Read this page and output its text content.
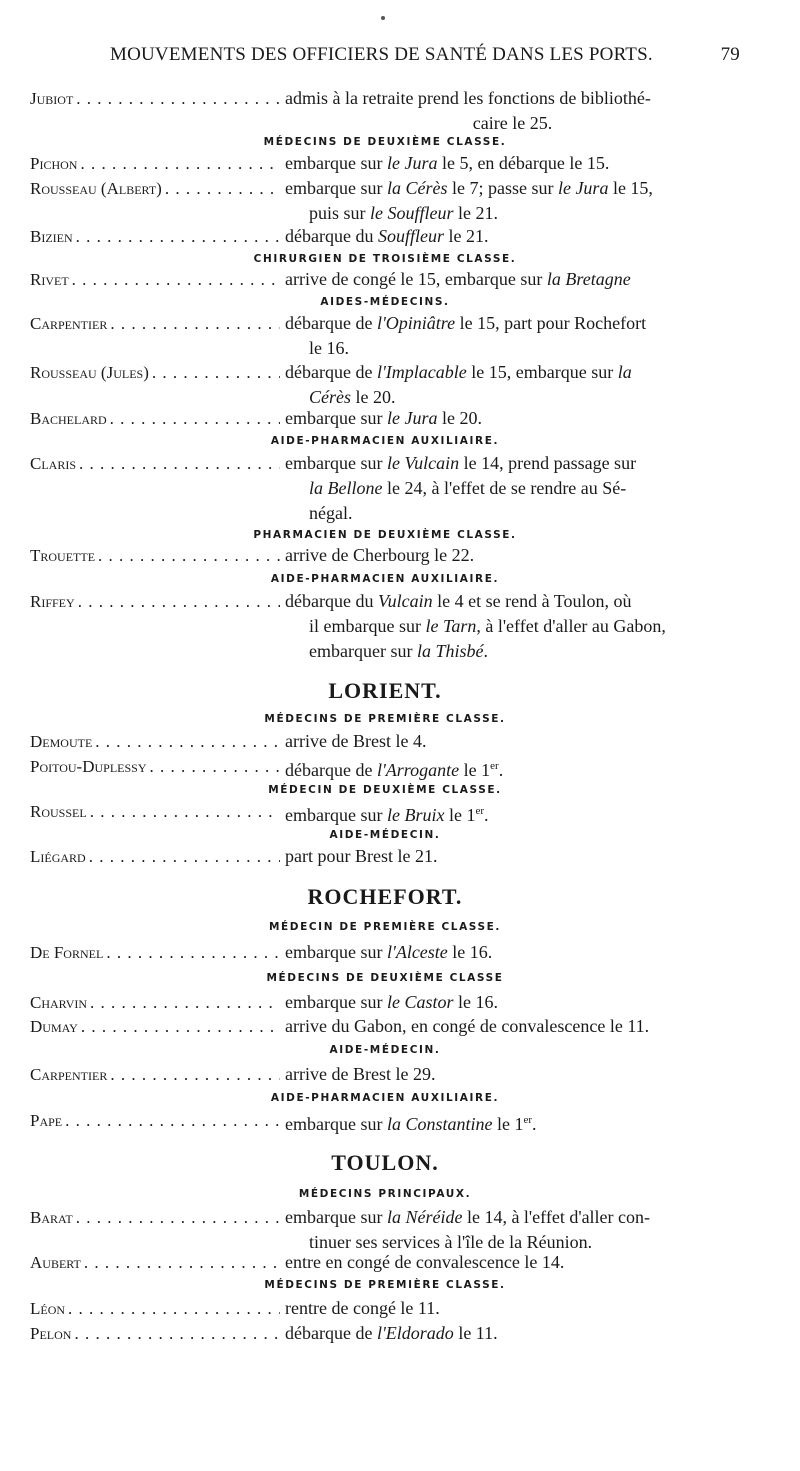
MOUVEMENTS DES OFFICIERS DE SANTÉ DANS LES PORTS.	79
Jubiot . . .	admis à la retraite prend les fonctions de bibliothé-
caire le 25.
MÉDECINS DE DEUXIÈME CLASSE.
Pichon . . .	embarque sur le Jura le 5, en débarque le 15.
Rousseau (Albert) . . .	embarque sur la Cérès le 7; passe sur le Jura le 15,
puis sur le Souffleur le 21.
Bizien . . .	débarque du Souffleur le 21.
CHIRURGIEN DE TROISIÈME CLASSE.
Rivet . . .	arrive de congé le 15, embarque sur la Bretagne
AIDES-MÉDECINS.
Carpentier . . .	débarque de l'Opiniâtre le 15, part pour Rochefort
le 16.
Rousseau (Jules) . . .	débarque de l'Implacable le 15, embarque sur la
Cérès le 20.
Bachelard . . .	embarque sur le Jura le 20.
AIDE-PHARMACIEN AUXILIAIRE.
Claris . . .	embarque sur le Vulcain le 14, prend passage sur
la Bellone le 24, à l'effet de se rendre au Sé-
négal.
PHARMACIEN DE DEUXIÈME CLASSE.
Trouette . . .	arrive de Cherbourg le 22.
AIDE-PHARMACIEN AUXILIAIRE.
Riffey . . .	débarque du Vulcain le 4 et se rend à Toulon, où
il embarque sur le Tarn, à l'effet d'aller au Gabon,
embarquer sur la Thisbé.
LORIENT.
MÉDECINS DE PREMIÈRE CLASSE.
Demoute . . .	arrive de Brest le 4.
Poitou-Duplessy . . .	débarque de l'Arrogante le 1er.
MÉDECIN DE DEUXIÈME CLASSE.
Roussel . . .	embarque sur le Bruix le 1er.
AIDE-MÉDECIN.
Liégard . . .	part pour Brest le 21.
ROCHEFORT.
MÉDECIN DE PREMIÈRE CLASSE.
De Fornel . . .	embarque sur l'Alceste le 16.
MÉDECINS DE DEUXIÈME CLASSE
Charvin . . .	embarque sur le Castor le 16.
Dumay . . .	arrive du Gabon, en congé de convalescence le 11.
AIDE-MÉDECIN.
Carpentier . . .	arrive de Brest le 29.
AIDE-PHARMACIEN AUXILIAIRE.
Pape . . .	embarque sur la Constantine le 1er.
TOULON.
MÉDECINS PRINCIPAUX.
Barat . . .	embarque sur la Néréide le 14, à l'effet d'aller con-
tinuer ses services à l'île de la Réunion.
Aubert . . .	entre en congé de convalescence le 14.
MÉDECINS DE PREMIÈRE CLASSE.
Léon . . .	rentre de congé le 11.
Pelon . . .	débarque de l'Eldorado le 11.
